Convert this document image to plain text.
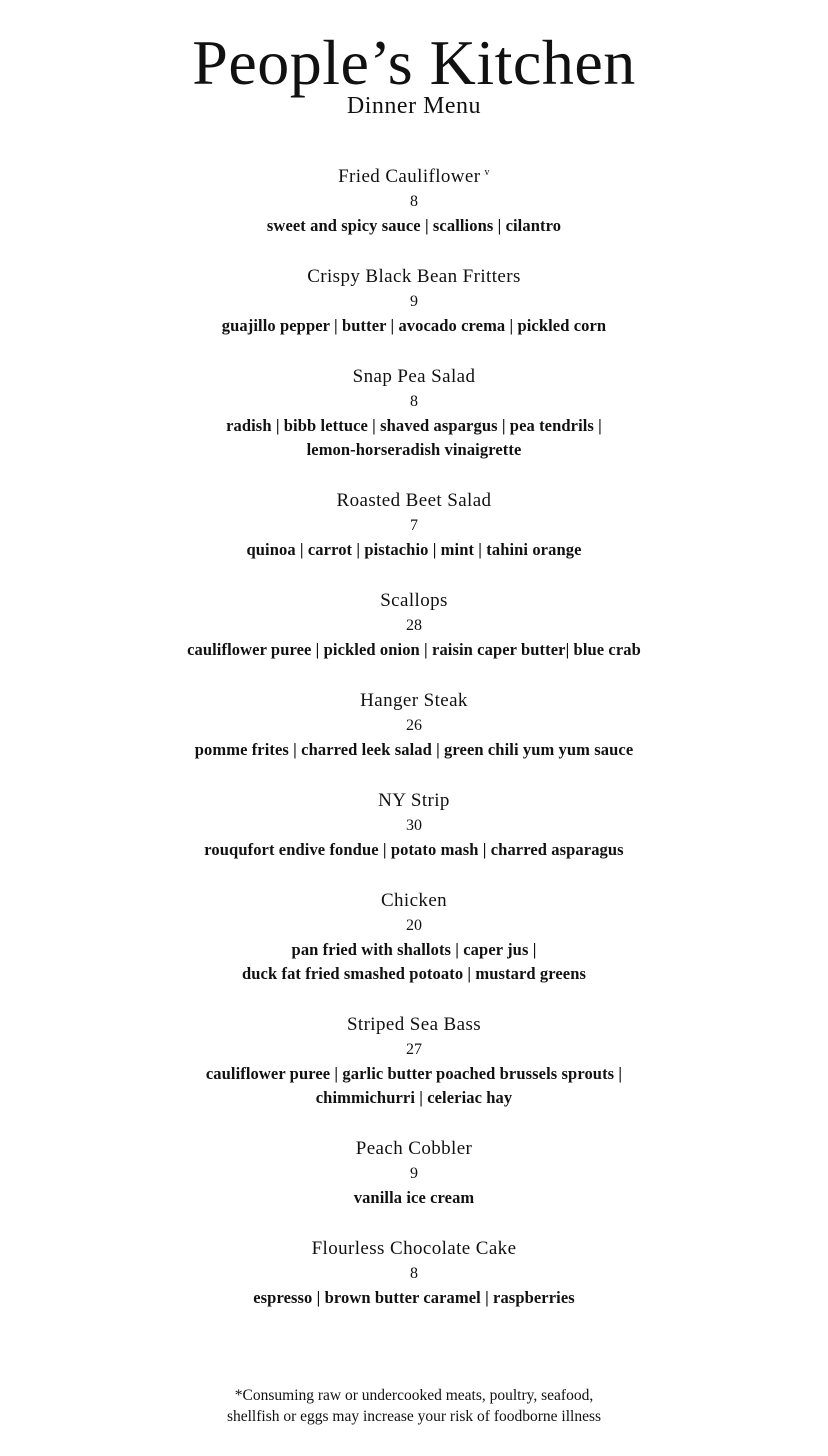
People’s Kitchen
Dinner Menu
Fried Cauliflower $^v$
8
sweet and spicy sauce | scallions | cilantro
Crispy Black Bean Fritters
9
guajillo pepper | butter | avocado crema | pickled corn
Snap Pea Salad
8
radish | bibb lettuce | shaved aspargus | pea tendrils |
lemon-horseradish vinaigrette
Roasted Beet Salad
7
quinoa | carrot | pistachio | mint | tahini orange
Scallops
28
cauliflower puree | pickled onion | raisin caper butter| blue crab
Hanger Steak
26
pomme frites | charred leek salad | green chili yum yum sauce
NY Strip
30
rouqufort endive fondue | potato mash | charred asparagus
Chicken
20
pan fried with shallots | caper jus |
duck fat fried smashed potoato | mustard greens
Striped Sea Bass
27
cauliflower puree | garlic butter poached brussels sprouts |
chimmichurri | celeriac hay
Peach Cobbler
9
vanilla ice cream
Flourless Chocolate Cake
8
espresso | brown butter caramel | raspberries
*Consuming raw or undercooked meats, poultry, seafood,
shellfish or eggs may increase your risk of foodborne illness
